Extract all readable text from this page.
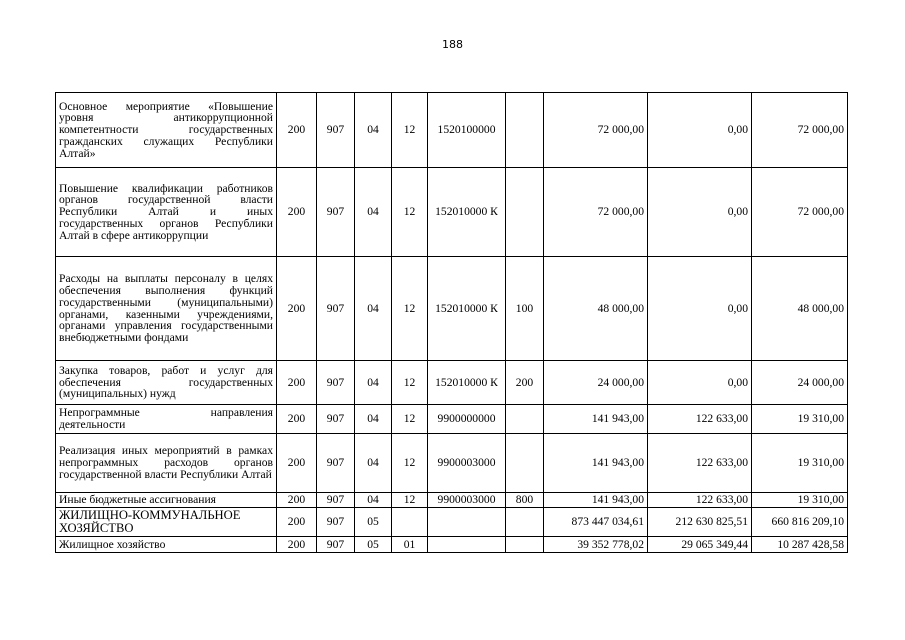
188
Основное мероприятие «Повышение уровня антикоррупционной компетентности государственных гражданских служащих Республики Алтай»	200	907	04	12	1520100000		72 000,00	0,00	72 000,00
Повышение квалификации работников органов государственной власти Республики Алтай и иных государственных органов Республики Алтай в сфере антикоррупции	200	907	04	12	152010000 К		72 000,00	0,00	72 000,00
Расходы на выплаты персоналу в целях обеспечения выполнения функций государственными (муниципальными) органами, казенными учреждениями, органами управления государственными внебюджетными фондами	200	907	04	12	152010000 К	100	48 000,00	0,00	48 000,00
Закупка товаров, работ и услуг для обеспечения государственных (муниципальных) нужд	200	907	04	12	152010000 К	200	24 000,00	0,00	24 000,00
Непрограммные направления деятельности	200	907	04	12	9900000000		141 943,00	122 633,00	19 310,00
Реализация иных мероприятий в рамках непрограммных расходов органов государственной власти Республики Алтай	200	907	04	12	9900003000		141 943,00	122 633,00	19 310,00
Иные бюджетные ассигнования	200	907	04	12	9900003000	800	141 943,00	122 633,00	19 310,00
ЖИЛИЩНО-КОММУНАЛЬНОЕ ХОЗЯЙСТВО	200	907	05				873 447 034,61	212 630 825,51	660 816 209,10
Жилищное хозяйство	200	907	05	01			39 352 778,02	29 065 349,44	10 287 428,58
